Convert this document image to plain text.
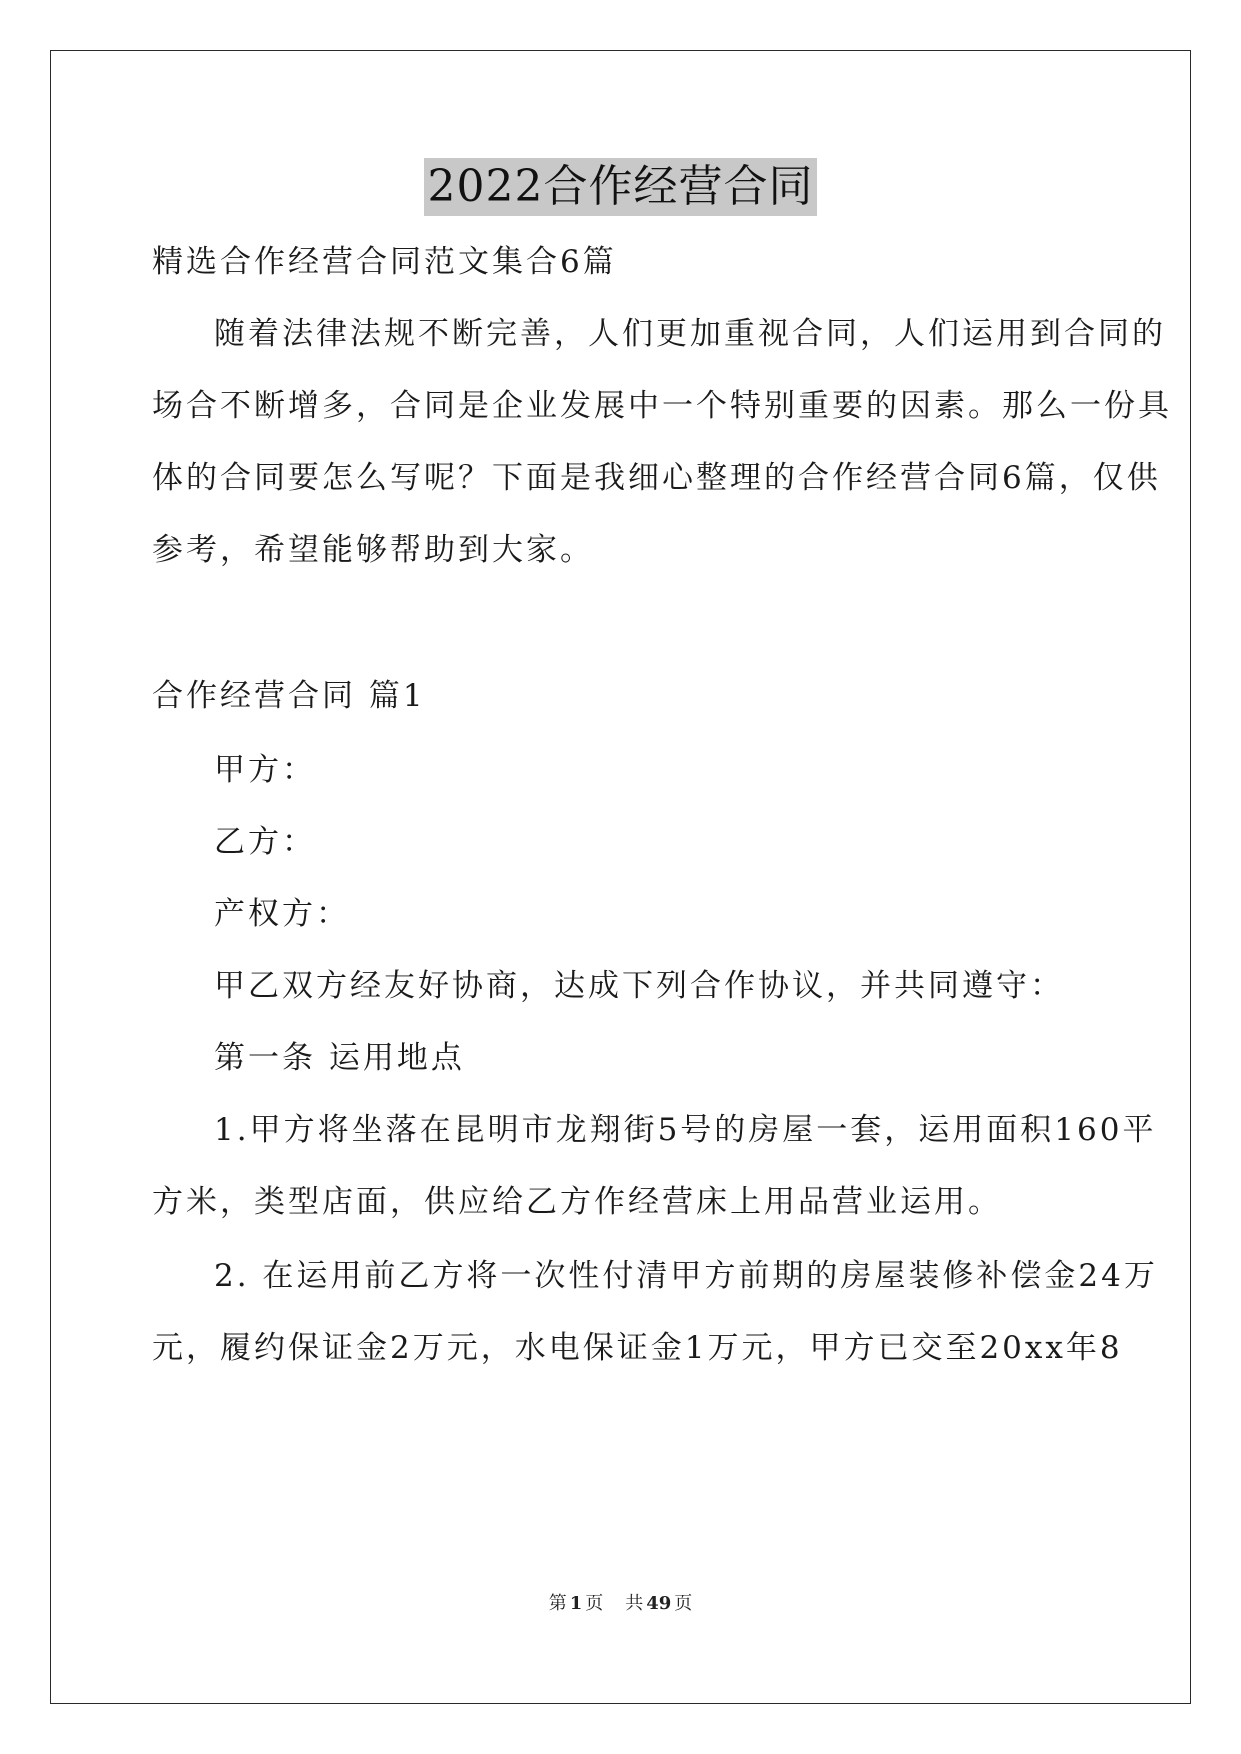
2022合作经营合同
精选合作经营合同范文集合6篇
随着法律法规不断完善，人们更加重视合同，人们运用到合同的
场合不断增多，合同是企业发展中一个特别重要的因素。那么一份具
体的合同要怎么写呢？下面是我细心整理的合作经营合同6篇，仅供
参考，希望能够帮助到大家。
合作经营合同 篇1
甲方：
乙方：
产权方：
甲乙双方经友好协商，达成下列合作协议，并共同遵守：
第一条 运用地点
1.甲方将坐落在昆明市龙翔街5号的房屋一套，运用面积160平
方米，类型店面，供应给乙方作经营床上用品营业运用。
2. 在运用前乙方将一次性付清甲方前期的房屋装修补偿金24万
元，履约保证金2万元，水电保证金1万元，甲方已交至20xx年8
第 1 页 共 49 页
